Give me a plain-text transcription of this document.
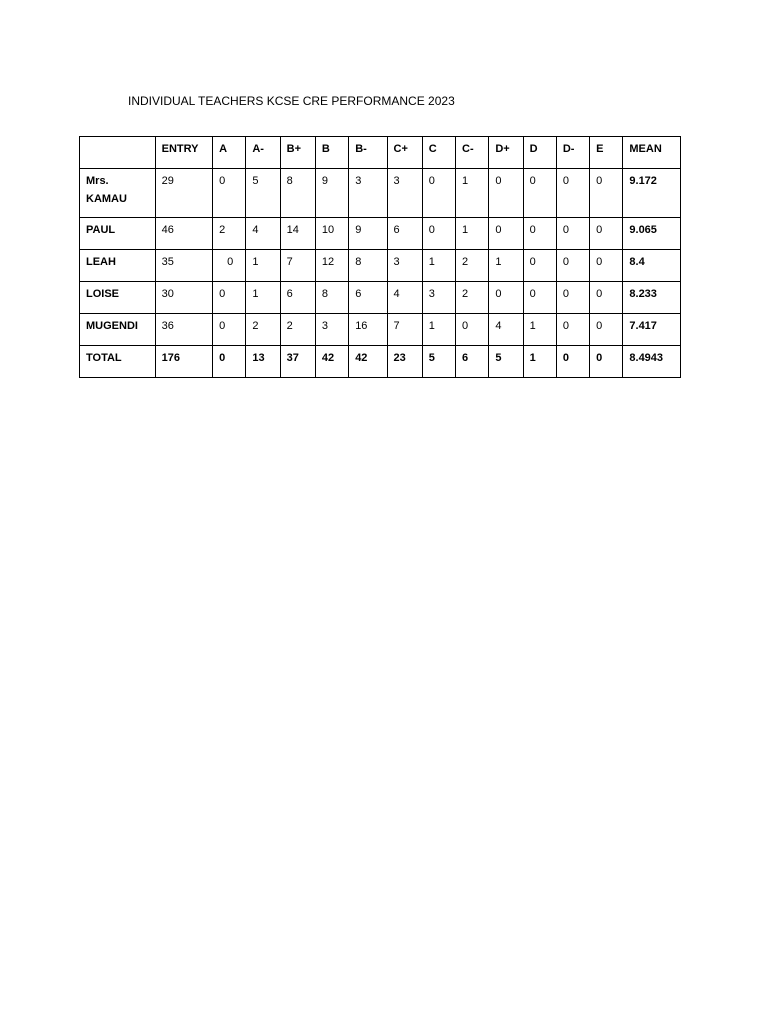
INDIVIDUAL TEACHERS KCSE CRE PERFORMANCE 2023
	ENTRY	A	A-	B+	B	B-	C+	C	C-	D+	D	D-	E	MEAN
Mrs. KAMAU	29	0	5	8	9	3	3	0	1	0	0	0	0	9.172
PAUL	46	2	4	14	10	9	6	0	1	0	0	0	0	9.065
LEAH	35	0	1	7	12	8	3	1	2	1	0	0	0	8.4
LOISE	30	0	1	6	8	6	4	3	2	0	0	0	0	8.233
MUGENDI	36	0	2	2	3	16	7	1	0	4	1	0	0	7.417
TOTAL	176	0	13	37	42	42	23	5	6	5	1	0	0	8.4943
